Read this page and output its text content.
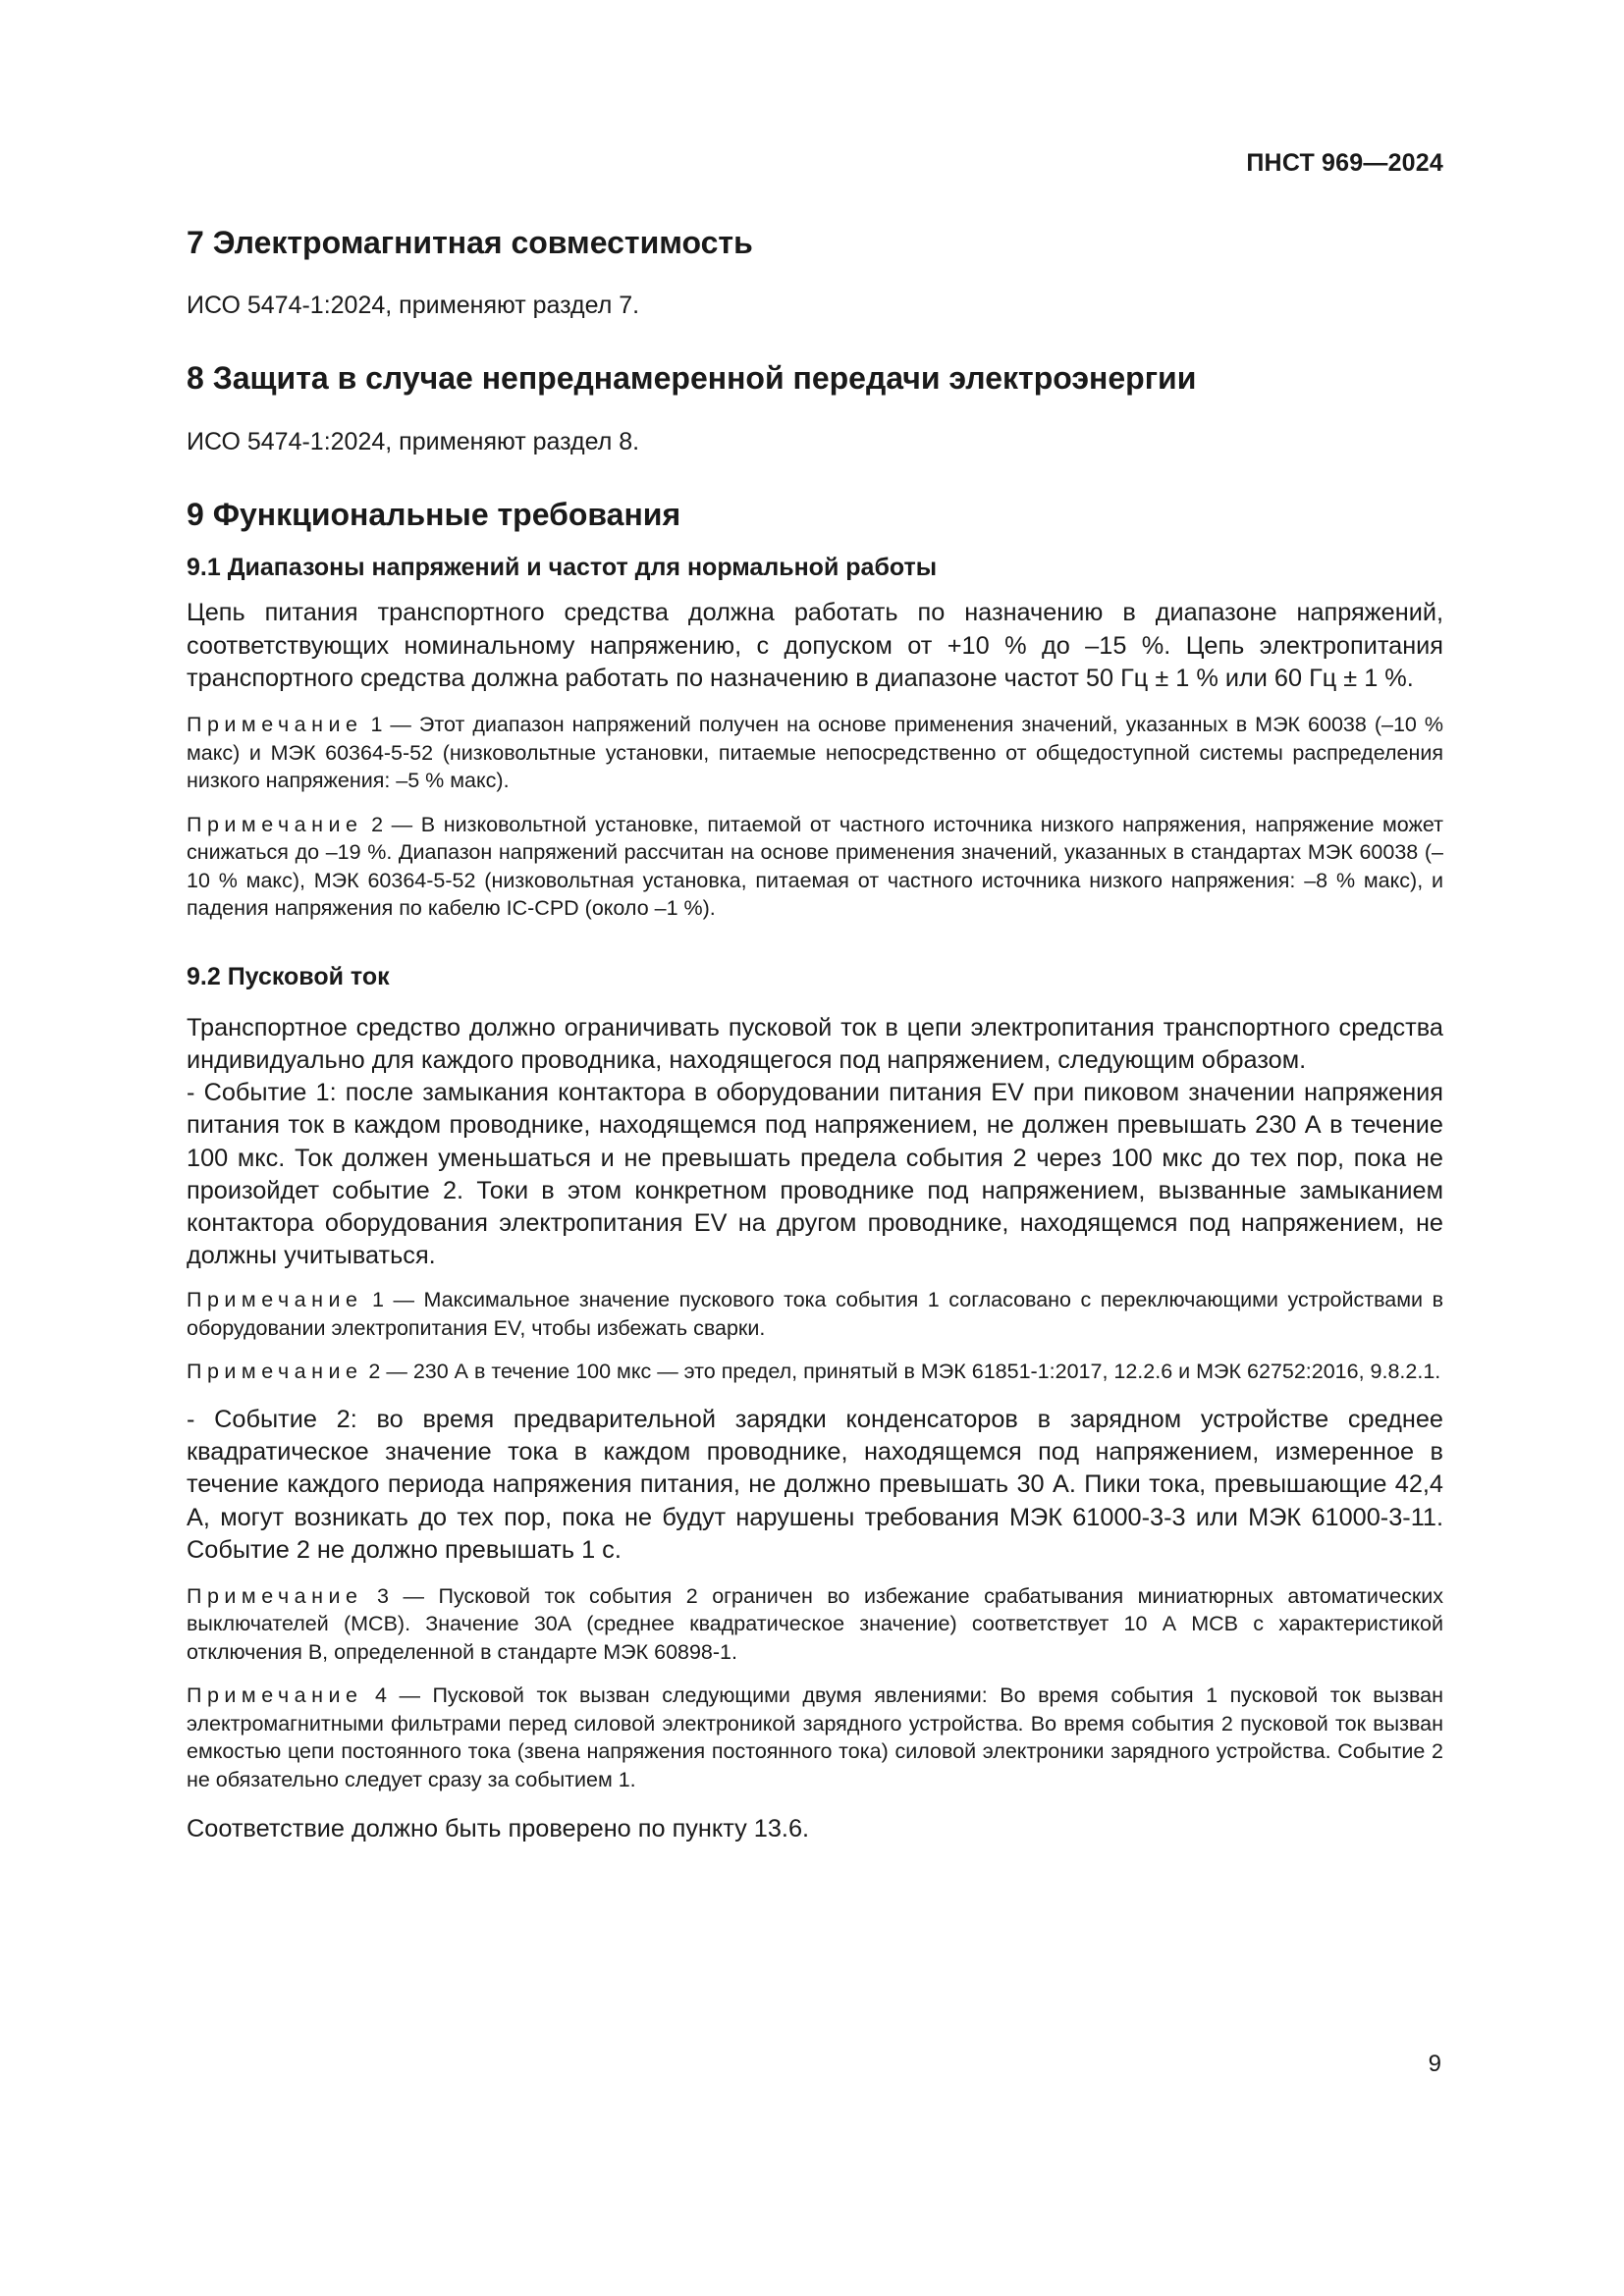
ПНСТ 969—2024
7 Электромагнитная совместимость

ИСО 5474-1:2024, применяют раздел 7.

8 Защита в случае непреднамеренной передачи электроэнергии

ИСО 5474-1:2024, применяют раздел 8.

9 Функциональные требования
9.1 Диапазоны напряжений и частот для нормальной работы

Цепь питания транспортного средства должна работать по назначению в диапазоне напряжений, соответствующих номинальному напряжению, с допуском от +10 % до –15 %. Цепь электропитания транспортного средства должна работать по назначению в диапазоне частот 50 Гц ± 1 % или 60 Гц ± 1 %.

Примечание 1 — Этот диапазон напряжений получен на основе применения значений, указанных в МЭК 60038 (–10 % макс) и МЭК 60364-5-52 (низковольтные установки, питаемые непосредственно от общедоступной системы распределения низкого напряжения: –5 % макс).

Примечание 2 — В низковольтной установке, питаемой от частного источника низкого напряжения, напряжение может снижаться до –19 %. Диапазон напряжений рассчитан на основе применения значений, указанных в стандартах МЭК 60038 (–10 % макс), МЭК 60364-5-52 (низковольтная установка, питаемая от частного источника низкого напряжения: –8 % макс), и падения напряжения по кабелю IC-CPD (около –1 %).

9.2 Пусковой ток

Транспортное средство должно ограничивать пусковой ток в цепи электропитания транспортного средства индивидуально для каждого проводника, находящегося под напряжением, следующим образом.

- Событие 1: после замыкания контактора в оборудовании питания EV при пиковом значении напряжения питания ток в каждом проводнике, находящемся под напряжением, не должен превышать 230 А в течение 100 мкс. Ток должен уменьшаться и не превышать предела события 2 через 100 мкс до тех пор, пока не произойдет событие 2. Токи в этом конкретном проводнике под напряжением, вызванные замыканием контактора оборудования электропитания EV на другом проводнике, находящемся под напряжением, не должны учитываться.

Примечание 1 — Максимальное значение пускового тока события 1 согласовано с переключающими устройствами в оборудовании электропитания EV, чтобы избежать сварки.

Примечание 2 — 230 А в течение 100 мкс — это предел, принятый в МЭК 61851-1:2017, 12.2.6 и МЭК 62752:2016, 9.8.2.1.

- Событие 2: во время предварительной зарядки конденсаторов в зарядном устройстве среднее квадратическое значение тока в каждом проводнике, находящемся под напряжением, измеренное в течение каждого периода напряжения питания, не должно превышать 30 А. Пики тока, превышающие 42,4 А, могут возникать до тех пор, пока не будут нарушены требования МЭК 61000-3-3 или МЭК 61000-3-11. Событие 2 не должно превышать 1 с.

Примечание 3 — Пусковой ток события 2 ограничен во избежание срабатывания миниатюрных автоматических выключателей (MCB). Значение 30А (среднее квадратическое значение) соответствует 10 А MCB с характеристикой отключения B, определенной в стандарте МЭК 60898-1.

Примечание 4 — Пусковой ток вызван следующими двумя явлениями: Во время события 1 пусковой ток вызван электромагнитными фильтрами перед силовой электроникой зарядного устройства. Во время события 2 пусковой ток вызван емкостью цепи постоянного тока (звена напряжения постоянного тока) силовой электроники зарядного устройства. Событие 2 не обязательно следует сразу за событием 1.

Соответствие должно быть проверено по пункту 13.6.

9
